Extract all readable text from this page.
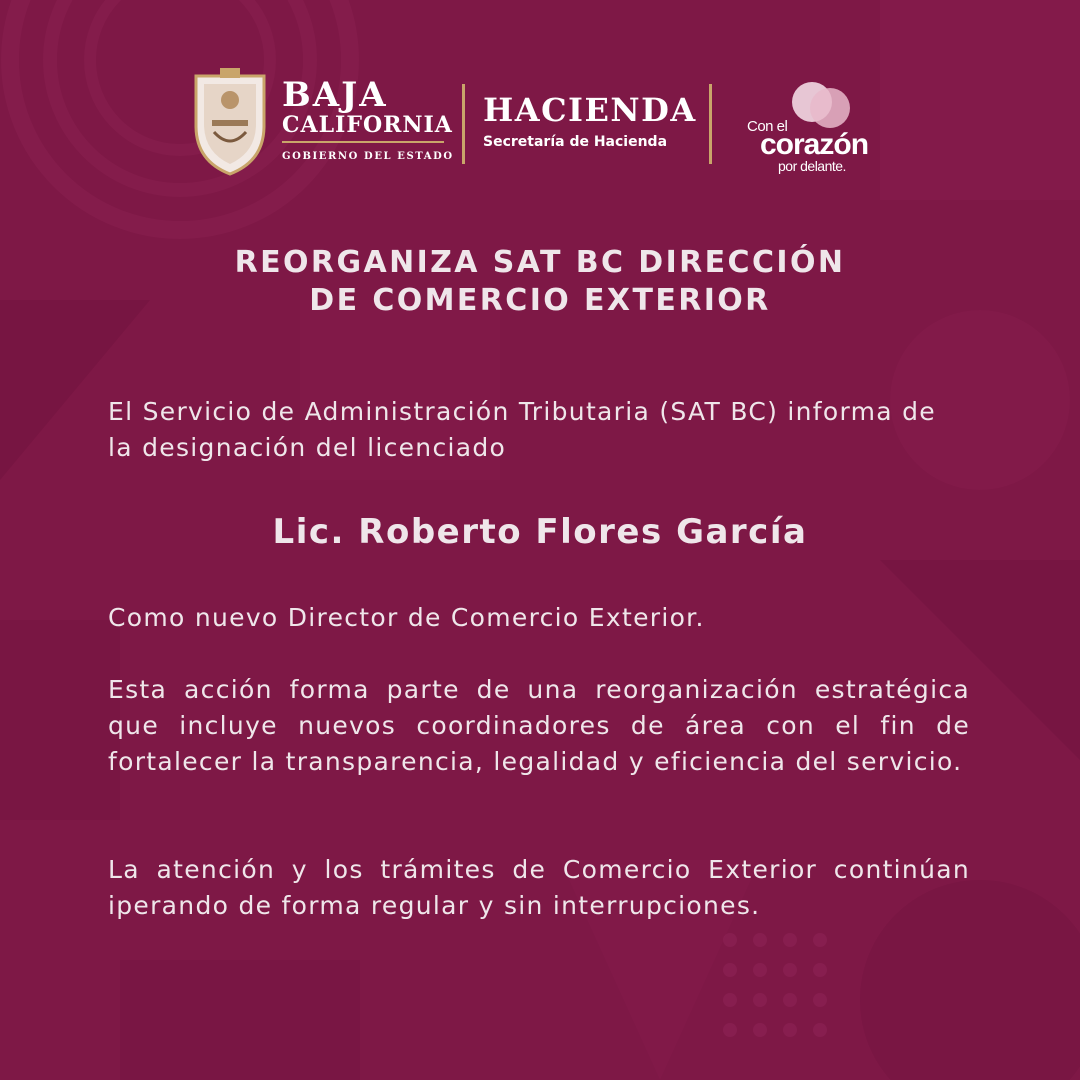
BAJA
CALIFORNIA
GOBIERNO DEL ESTADO
HACIENDA
Secretaría de Hacienda
Con el
corazón
por delante.
REORGANIZA SAT BC DIRECCIÓN
DE COMERCIO EXTERIOR

El Servicio de Administración Tributaria (SAT BC) informa de la designación del licenciado

Lic. Roberto Flores García

Como nuevo Director de Comercio Exterior.

Esta acción forma parte de una reorganización estratégica que incluye nuevos coordinadores de área con el fin de fortalecer la transparencia, legalidad y eficiencia del servicio.

La atención y los trámites de Comercio Exterior continúan iperando de forma regular y sin interrupciones.
